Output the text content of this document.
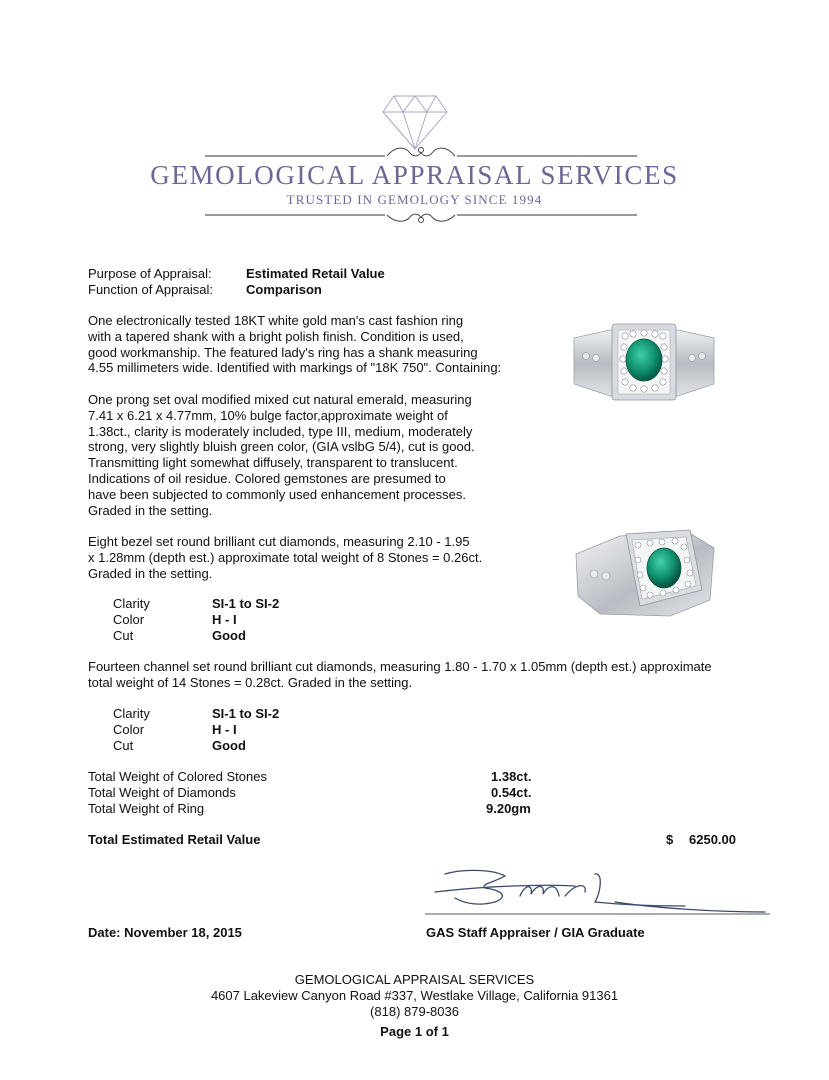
GEMOLOGICAL APPRAISAL SERVICES
TRUSTED IN GEMOLOGY SINCE 1994
Purpose of Appraisal:	Estimated Retail Value
Function of Appraisal:	Comparison
One electronically tested 18KT white gold man's cast fashion ring
with a tapered shank with a bright polish finish. Condition is used,
good workmanship. The featured lady's ring has a shank measuring
4.55 millimeters wide. Identified with markings of "18K 750". Containing:
One prong set oval modified mixed cut natural emerald, measuring
7.41 x 6.21 x 4.77mm, 10% bulge factor,approximate weight of
1.38ct., clarity is moderately included, type III, medium, moderately
strong, very slightly bluish green color, (GIA vslbG 5/4), cut is good.
Transmitting light somewhat diffusely, transparent to translucent.
Indications of oil residue. Colored gemstones are presumed to
have been subjected to commonly used enhancement processes.
Graded in the setting.
Eight bezel set round brilliant cut diamonds, measuring 2.10 - 1.95
x 1.28mm (depth est.) approximate total weight of 8 Stones = 0.26ct.
Graded in the setting.
Clarity	SI-1 to SI-2
Color	H - I
Cut	Good
Fourteen channel set round brilliant cut diamonds, measuring 1.80 - 1.70 x 1.05mm (depth est.) approximate
total weight of 14 Stones = 0.28ct. Graded in the setting.
Clarity	SI-1 to SI-2
Color	H - I
Cut	Good
Total Weight of Colored Stones	1.38ct.
Total Weight of Diamonds	0.54ct.
Total Weight of Ring	9.20gm
Total Estimated Retail Value	$ 6250.00
Date: November 18, 2015	GAS Staff Appraiser / GIA Graduate
GEMOLOGICAL APPRAISAL SERVICES
4607 Lakeview Canyon Road #337, Westlake Village, California 91361
(818) 879-8036
Page 1 of 1
